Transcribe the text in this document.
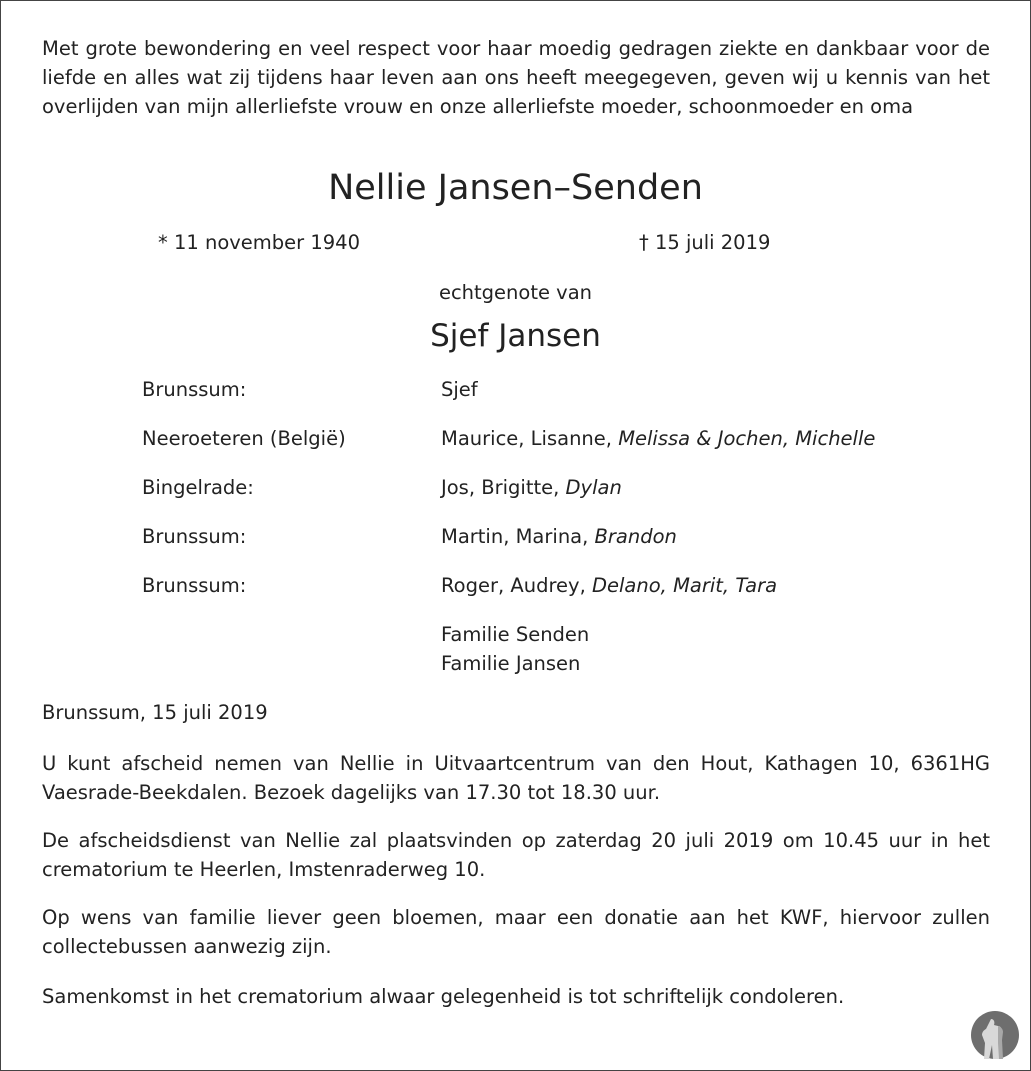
Met grote bewondering en veel respect voor haar moedig gedragen ziekte en dankbaar voor de liefde en alles wat zij tijdens haar leven aan ons heeft meegegeven, geven wij u kennis van het overlijden van mijn allerliefste vrouw en onze allerliefste moeder, schoonmoeder en oma

Nellie Jansen–Senden
* 11 november 1940	† 15 juli 2019
echtgenote van
Sjef Jansen
Brunssum:	Sjef
Neeroeteren (België)	Maurice, Lisanne, Melissa & Jochen, Michelle
Bingelrade:	Jos, Brigitte, Dylan
Brunssum:	Martin, Marina, Brandon
Brunssum:	Roger, Audrey, Delano, Marit, Tara
Familie Senden
Familie Jansen
Brunssum, 15 juli 2019

U kunt afscheid nemen van Nellie in Uitvaartcentrum van den Hout, Kathagen 10, 6361HG Vaesrade-Beekdalen. Bezoek dagelijks van 17.30 tot 18.30 uur.

De afscheidsdienst van Nellie zal plaatsvinden op zaterdag 20 juli 2019 om 10.45 uur in het crematorium te Heerlen, Imstenraderweg 10.

Op wens van familie liever geen bloemen, maar een donatie aan het KWF, hiervoor zullen collectebussen aanwezig zijn.

Samenkomst in het crematorium alwaar gelegenheid is tot schriftelijk condoleren.
